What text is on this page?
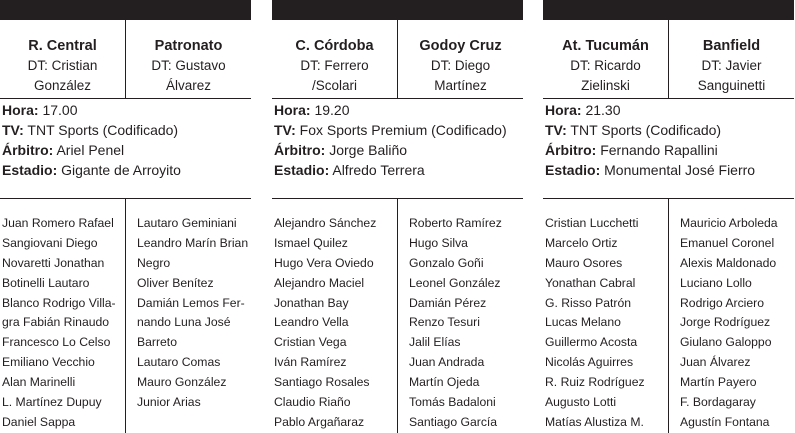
R. Central
DT: Cristian
González
Patronato
DT: Gustavo
Álvarez
Hora: 17.00
TV: TNT Sports (Codificado)
Árbitro: Ariel Penel
Estadio: Gigante de Arroyito
Juan Romero Rafael
Sangiovani Diego
Novaretti Jonathan
Botinelli Lautaro
Blanco Rodrigo Villa-
gra Fabián Rinaudo
Francesco Lo Celso
Emiliano Vecchio
Alan Marinelli
L. Martínez Dupuy
Daniel Sappa
Lautaro Geminiani
Leandro Marín Brian
Negro
Oliver Benítez
Damián Lemos Fer-
nando Luna José
Barreto
Lautaro Comas
Mauro González
Junior Arias
C. Córdoba
DT: Ferrero
/Scolari
Godoy Cruz
DT: Diego
Martínez
Hora: 19.20
TV: Fox Sports Premium (Codificado)
Árbitro: Jorge Baliño
Estadio: Alfredo Terrera
Alejandro Sánchez
Ismael Quilez
Hugo Vera Oviedo
Alejandro Maciel
Jonathan Bay
Leandro Vella
Cristian Vega
Iván Ramírez
Santiago Rosales
Claudio Riaño
Pablo Argañaraz
Roberto Ramírez
Hugo Silva
Gonzalo Goñi
Leonel González
Damián Pérez
Renzo Tesuri
Jalil Elías
Juan Andrada
Martín Ojeda
Tomás Badaloni
Santiago García
At. Tucumán
DT: Ricardo
Zielinski
Banfield
DT: Javier
Sanguinetti
Hora: 21.30
TV: TNT Sports (Codificado)
Árbitro: Fernando Rapallini
Estadio: Monumental José Fierro
Cristian Lucchetti
Marcelo Ortiz
Mauro Osores
Yonathan Cabral
G. Risso Patrón
Lucas Melano
Guillermo Acosta
Nicolás Aguirres
R. Ruiz Rodríguez
Augusto Lotti
Matías Alustiza M.
Mauricio Arboleda
Emanuel Coronel
Alexis Maldonado
Luciano Lollo
Rodrigo Arciero
Jorge Rodríguez
Giulano Galoppo
Juan Álvarez
Martín Payero
F. Bordagaray
Agustín Fontana
